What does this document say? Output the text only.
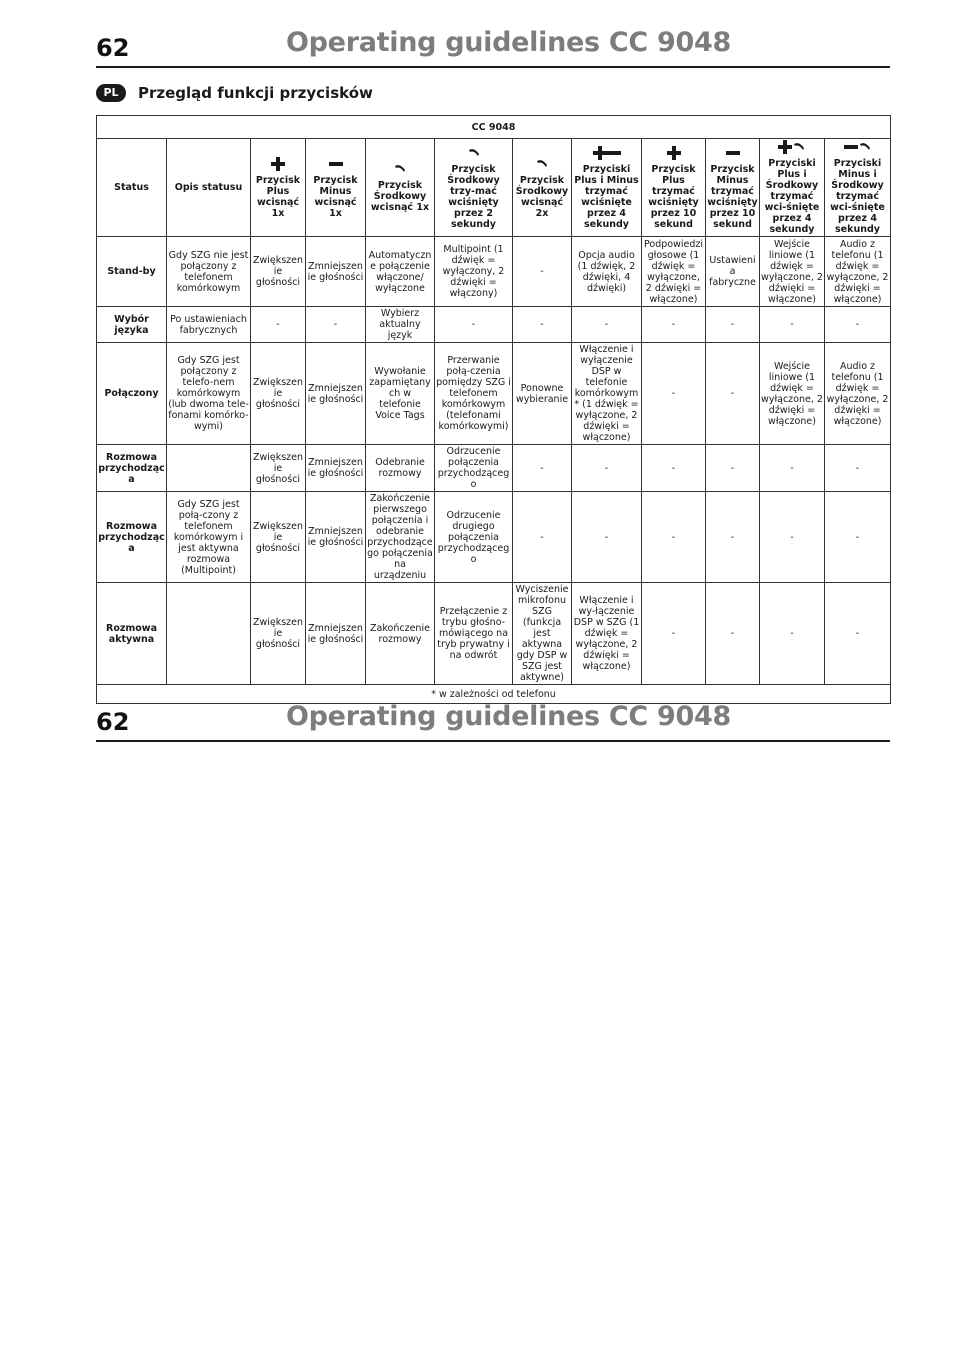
62	Operating guidelines CC 9048
PL	Przegląd funkcji przycisków
CC 9048											
Status	Opis statusu	Przycisk Plus wcisnąć 1x	Przycisk Minus wcisnąć 1x	Przycisk Środkowy wcisnąć 1x	Przycisk Środkowy trzy-mać wciśnięty przez 2 sekundy	Przycisk Środkowy wcisnąć 2x	Przyciski Plus i Minus trzymać wciśnięte przez 4 sekundy	Przycisk Plus trzymać wciśnięty przez 10 sekund	Przycisk Minus trzymać wciśnięty przez 10 sekund	Przyciski Plus i Środkowy trzymać wci-śnięte przez 4 sekundy	Przyciski Minus i Środkowy trzymać wci-śnięte przez 4 sekundy
Stand-by	Gdy SZG nie jest połączony z telefonem komórkowym	Zwiększenie głośności	Zmniejszenie głośności	Automatyczne połączenie włączone/ wyłączone	Multipoint (1 dźwięk = wyłączony, 2 dźwięki = włączony)	-	Opcja audio (1 dźwięk, 2 dźwięki, 4 dźwięki)	Podpowiedzi głosowe (1 dźwięk = wyłączone, 2 dźwięki = włączone)	Ustawienia fabryczne	Wejście liniowe (1 dźwięk = wyłączone, 2 dźwięki = włączone)	Audio z telefonu (1 dźwięk = wyłączone, 2 dźwięki = włączone)
Wybór języka	Po ustawieniach fabrycznych	-	-	Wybierz aktualny język	-	-	-	-	-	-	-
Połączony	Gdy SZG jest połączony z telefo-nem komórkowym (lub dwoma tele-fonami komórko-wymi)	Zwiększenie głośności	Zmniejszenie głośności	Wywołanie zapamiętanych w telefonie Voice Tags	Przerwanie połą-czenia pomiędzy SZG i telefonem komórkowym (telefonami komórkowymi)	Ponowne wybieranie	Włączenie i wyłączenie DSP w telefonie komórkowym* (1 dźwięk = wyłączone, 2 dźwięki = włączone)	-	-	Wejście liniowe (1 dźwięk = wyłączone, 2 dźwięki = włączone)	Audio z telefonu (1 dźwięk = wyłączone, 2 dźwięki = włączone)
Rozmowa przychodząca		Zwiększenie głośności	Zmniejszenie głośności	Odebranie rozmowy	Odrzucenie połączenia przychodzącego	-	-	-	-	-	-
Rozmowa przychodząca	Gdy SZG jest połą-czony z telefonem komórkowym i jest aktywna rozmowa (Multipoint)	Zwiększenie głośności	Zmniejszenie głośności	Zakończenie pierwszego połączenia i odebranie przychodzącego połączenia na urządzeniu	Odrzucenie drugiego połączenia przychodzącego	-	-	-	-	-	-
Rozmowa aktywna		Zwiększenie głośności	Zmniejszenie głośności	Zakończenie rozmowy	Przełączenie z trybu głośno-mówiącego na tryb prywatny i na odwrót	Wyciszenie mikrofonu SZG (funkcja jest aktywna gdy DSP w SZG jest aktywne)	Włączenie i wy-łączenie DSP w SZG (1 dźwięk = wyłączone, 2 dźwięki = włączone)	-	-	-	-
* w zależności od telefonu											
62	Operating guidelines CC 9048
